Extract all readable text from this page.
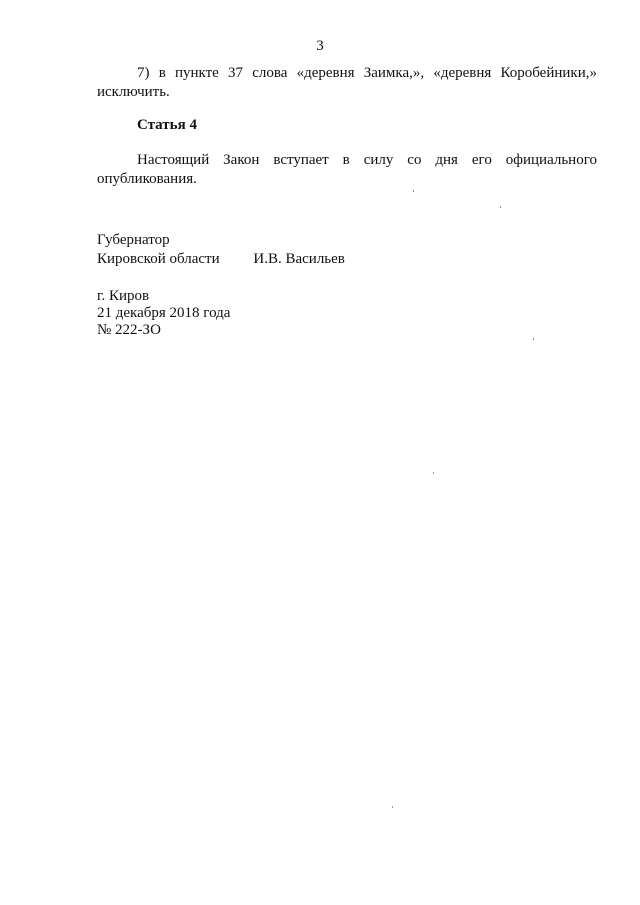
3
7) в пункте 37 слова «деревня Заимка,», «деревня Коробейники,» исключить.
Статья 4
Настоящий Закон вступает в силу со дня его официального опубликования.
Губернатор
Кировской области И.В. Васильев
г. Киров
21 декабря 2018 года
№ 222-ЗО
